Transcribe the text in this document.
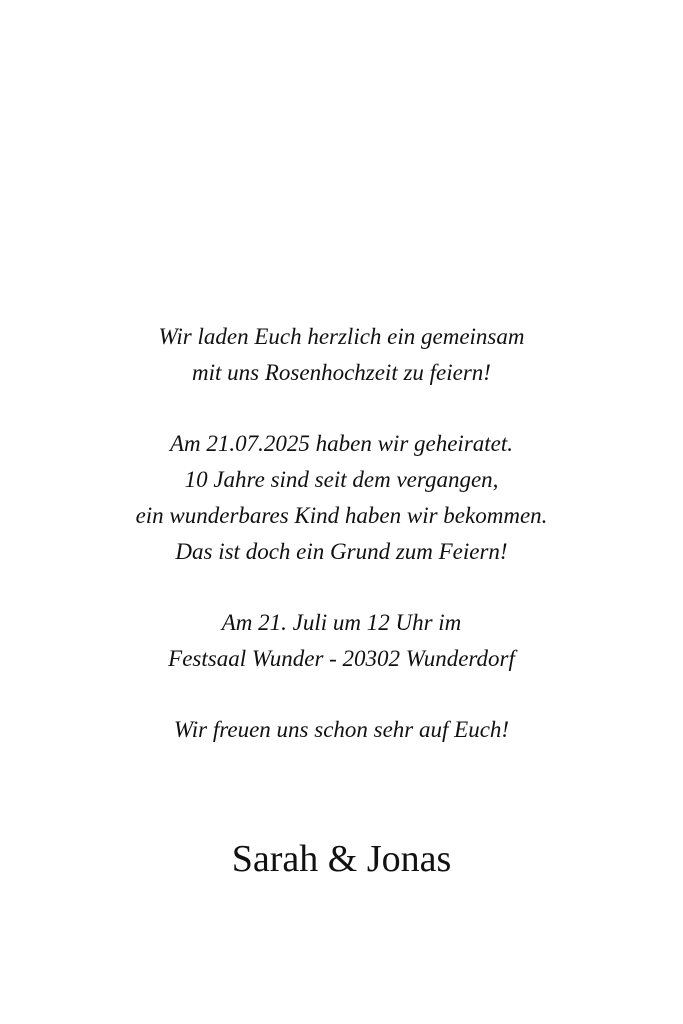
Wir laden Euch herzlich ein gemeinsam
mit uns Rosenhochzeit zu feiern!
Am 21.07.2025 haben wir geheiratet.
10 Jahre sind seit dem vergangen,
ein wunderbares Kind haben wir bekommen.
Das ist doch ein Grund zum Feiern!
Am 21. Juli um 12 Uhr im
Festsaal Wunder - 20302 Wunderdorf
Wir freuen uns schon sehr auf Euch!
Sarah & Jonas
